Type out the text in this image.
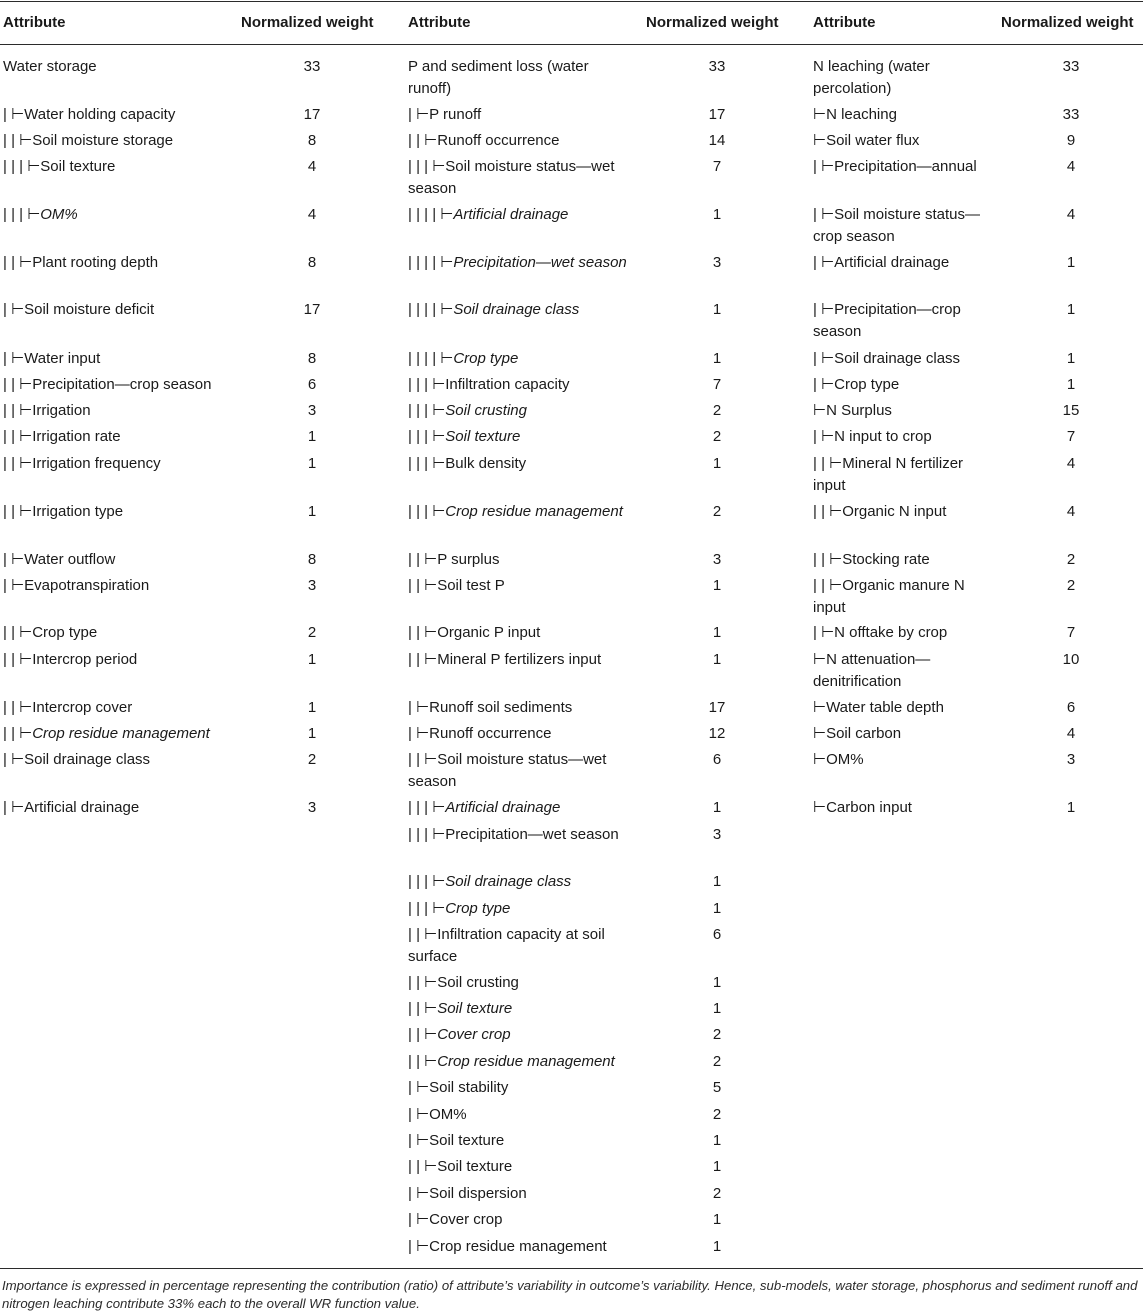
Attribute	Normalized weight Attribute	Normalized weight Attribute	Normalized weight
Water storage	33
| ⊢Water holding capacity	17
| | ⊢Soil moisture storage	8
| | | ⊢Soil texture	4
| | | ⊢OM%	4
| | ⊢Plant rooting depth	8
| ⊢Soil moisture deficit	17
| ⊢Water input	8
| | ⊢Precipitation—crop season	6
| | ⊢Irrigation	3
| | ⊢Irrigation rate	1
| | ⊢Irrigation frequency	1
| | ⊢Irrigation type	1
| ⊢Water outflow	8
| ⊢Evapotranspiration	3
| | ⊢Crop type	2
| | ⊢Intercrop period	1
| | ⊢Intercrop cover	1
| | ⊢Crop residue management	1
| ⊢Soil drainage class	2
| ⊢Artificial drainage	3
P and sediment loss (water runoff)
33
| ⊢P runoff	17
| | ⊢Runoff occurrence	14
| | | ⊢Soil moisture status—wet season
7
| | | | ⊢Artificial drainage	1
| | | | ⊢Precipitation—wet season	3
| | | | ⊢Soil drainage class	1
| | | | ⊢Crop type	1
| | | ⊢Infiltration capacity	7
| | | ⊢Soil crusting	2
| | | ⊢Soil texture	2
| | | ⊢Bulk density	1
| | | ⊢Crop residue management	2
| | ⊢P surplus	3
| | ⊢Soil test P	1
| | ⊢Organic P input	1
| | ⊢Mineral P fertilizers input	1
| ⊢Runoff soil sediments	17
| ⊢Runoff occurrence	12
| | ⊢Soil moisture status—wet season
6
| | | ⊢Artificial drainage	1
| | | ⊢Precipitation—wet season	3
| | | ⊢Soil drainage class	1
| | | ⊢Crop type	1
| | ⊢Infiltration capacity at soil surface
6
| | ⊢Soil crusting	1
| | ⊢Soil texture	1
| | ⊢Cover crop	2
| | ⊢Crop residue management	2
| ⊢Soil stability	5
| ⊢OM%	2
| ⊢Soil texture	1
| | ⊢Soil texture	1
| ⊢Soil dispersion	2
| ⊢Cover crop	1
| ⊢Crop residue management	1
N leaching (water percolation)
33
⊢N leaching	33
⊢Soil water flux	9
| ⊢Precipitation—annual	4
| ⊢Soil moisture status—crop season
4
| ⊢Artificial drainage	1
| ⊢Precipitation—crop season
1
| ⊢Soil drainage class	1
| ⊢Crop type	1
⊢N Surplus	15
| ⊢N input to crop	7
| | ⊢Mineral N fertilizer input
4
| | ⊢Organic N input	4
| | ⊢Stocking rate	2
| | ⊢Organic manure N input
2
| ⊢N offtake by crop	7
⊢N attenuation—denitrification
10
⊢Water table depth	6
⊢Soil carbon	4
⊢OM%	3
⊢Carbon input	1
Importance is expressed in percentage representing the contribution (ratio) of attribute’s variability in outcome’s variability. Hence, sub-models, water storage, phosphorus and sediment runoff and nitrogen leaching contribute 33% each to the overall WR function value.
